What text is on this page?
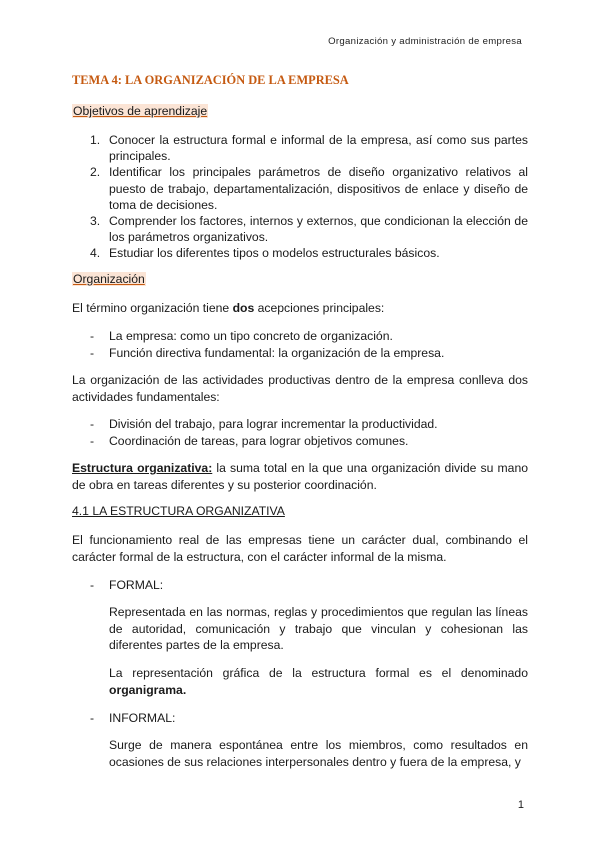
Organización y administración de empresa
TEMA 4: LA ORGANIZACIÓN DE LA EMPRESA
Objetivos de aprendizaje
1. Conocer la estructura formal e informal de la empresa, así como sus partes principales.
2. Identificar los principales parámetros de diseño organizativo relativos al puesto de trabajo, departamentalización, dispositivos de enlace y diseño de toma de decisiones.
3. Comprender los factores, internos y externos, que condicionan la elección de los parámetros organizativos.
4. Estudiar los diferentes tipos o modelos estructurales básicos.
Organización
El término organización tiene dos acepciones principales:
- La empresa: como un tipo concreto de organización.
- Función directiva fundamental: la organización de la empresa.
La organización de las actividades productivas dentro de la empresa conlleva dos actividades fundamentales:
- División del trabajo, para lograr incrementar la productividad.
- Coordinación de tareas, para lograr objetivos comunes.
Estructura organizativa: la suma total en la que una organización divide su mano de obra en tareas diferentes y su posterior coordinación.
4.1 LA ESTRUCTURA ORGANIZATIVA
El funcionamiento real de las empresas tiene un carácter dual, combinando el carácter formal de la estructura, con el carácter informal de la misma.
- FORMAL:
Representada en las normas, reglas y procedimientos que regulan las líneas de autoridad, comunicación y trabajo que vinculan y cohesionan las diferentes partes de la empresa.
La representación gráfica de la estructura formal es el denominado organigrama.
- INFORMAL:
Surge de manera espontánea entre los miembros, como resultados en ocasiones de sus relaciones interpersonales dentro y fuera de la empresa, y
1
